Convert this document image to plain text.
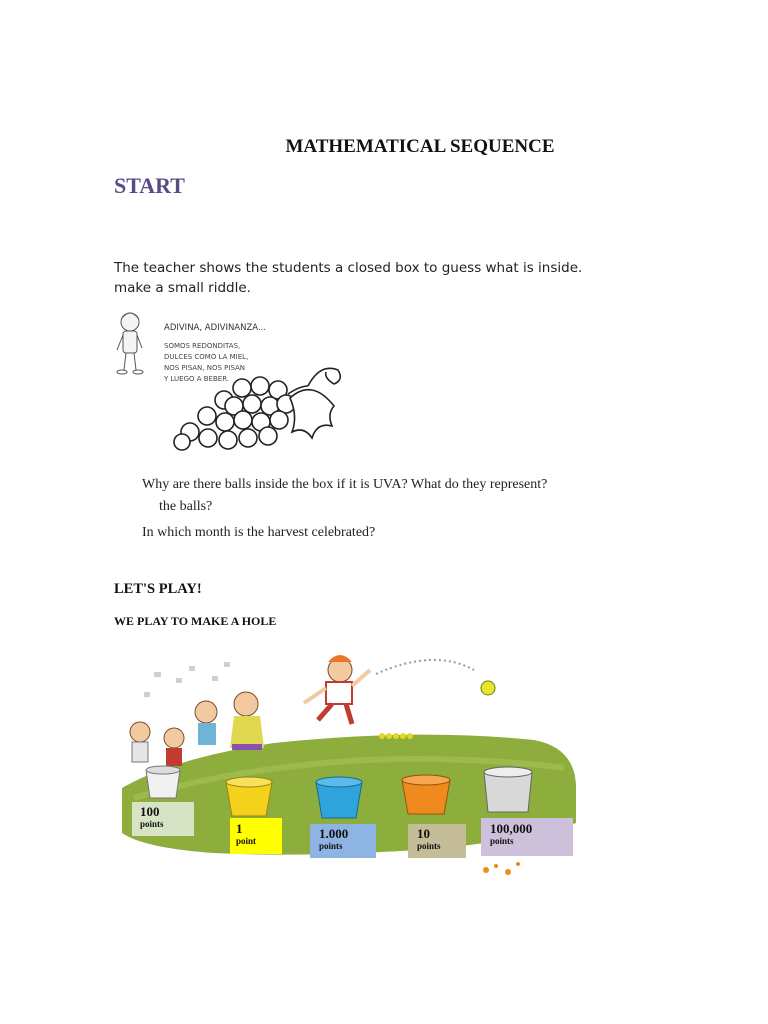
MATHEMATICAL SEQUENCE
START
The teacher shows the students a closed box to guess what is inside.
make a small riddle.
ADIVINA, ADIVINANZA...
SOMOS REDONDITAS,
DULCES COMO LA MIEL,
NOS PISAN, NOS PISAN
Y LUEGO A BEBER.
Why are there balls inside the box if it is UVA? What do they represent?
the balls?
In which month is the harvest celebrated?
LET'S PLAY!
WE PLAY TO MAKE A HOLE
100
points	1
point	1.000
points
10
points
100,000
points
